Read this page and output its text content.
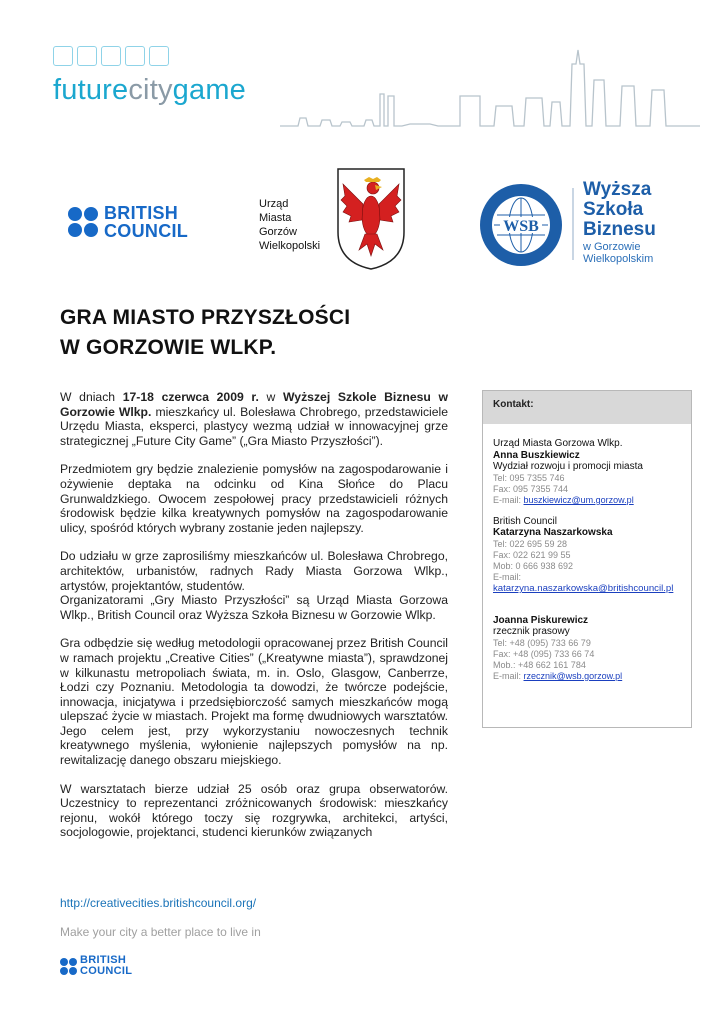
futurecitygame
BRITISH
COUNCIL
Urząd
Miasta
Gorzów
Wielkopolski
WSB
Wyższa
Szkoła
Biznesu
w Gorzowie
Wielkopolskim
GRA MIASTO PRZYSZŁOŚCI
W GORZOWIE WLKP.

W dniach 17-18 czerwca 2009 r. w Wyższej Szkole Biznesu w Gorzowie Wlkp. mieszkańcy ul. Bolesława Chrobrego, przedstawiciele Urzędu Miasta, eksperci, plastycy wezmą udział w innowacyjnej grze strategicznej „Future City Game” („Gra Miasto Przyszłości”).

Przedmiotem gry będzie znalezienie pomysłów na zagospodarowanie i ożywienie deptaka na odcinku od Kina Słońce do Placu Grunwaldzkiego. Owocem zespołowej pracy przedstawicieli różnych środowisk będzie kilka kreatywnych pomysłów na zagospodarowanie ulicy, spośród których wybrany zostanie jeden najlepszy.

Do udziału w grze zaprosiliśmy mieszkańców ul. Bolesława Chrobrego, architektów, urbanistów, radnych Rady Miasta Gorzowa Wlkp., artystów, projektantów, studentów.

Organizatorami „Gry Miasto Przyszłości” są Urząd Miasta Gorzowa Wlkp., British Council oraz Wyższa Szkoła Biznesu w Gorzowie Wlkp.

Gra odbędzie się według metodologii opracowanej przez British Council w ramach projektu „Creative Cities” („Kreatywne miasta”), sprawdzonej w kilkunastu metropoliach świata, m. in. Oslo, Glasgow, Canberrze, Łodzi czy Poznaniu. Metodologia ta dowodzi, że twórcze podejście, innowacja, inicjatywa i przedsiębiorczość samych mieszkańców mogą ulepszać życie w miastach. Projekt ma formę dwudniowych warsztatów. Jego celem jest, przy wykorzystaniu nowoczesnych technik kreatywnego myślenia, wyłonienie najlepszych pomysłów na np. rewitalizację danego obszaru miejskiego.

W warsztatach bierze udział 25 osób oraz grupa obserwatorów. Uczestnicy to reprezentanci zróżnicowanych środowisk: mieszkańcy rejonu, wokół którego toczy się rozgrywka, architekci, artyści, socjologowie, projektanci, studenci kierunków związanych

http://creativecities.britishcouncil.org/
Make your city a better place to live in
BRITISH
COUNCIL
Kontakt:
Urząd Miasta Gorzowa Wlkp.
Anna Buszkiewicz
Wydział rozwoju i promocji miasta
Tel: 095 7355 746
Fax: 095 7355 744
E-mail: buszkiewicz@um.gorzow.pl
British Council
Katarzyna Naszarkowska
Tel: 022 695 59 28
Fax: 022 621 99 55
Mob: 0 666 938 692
E-mail:
katarzyna.naszarkowska@britishcouncil.pl
Joanna Piskurewicz
rzecznik prasowy
Tel: +48 (095) 733 66 79
Fax: +48 (095) 733 66 74
Mob.: +48 662 161 784
E-mail: rzecznik@wsb.gorzow.pl
